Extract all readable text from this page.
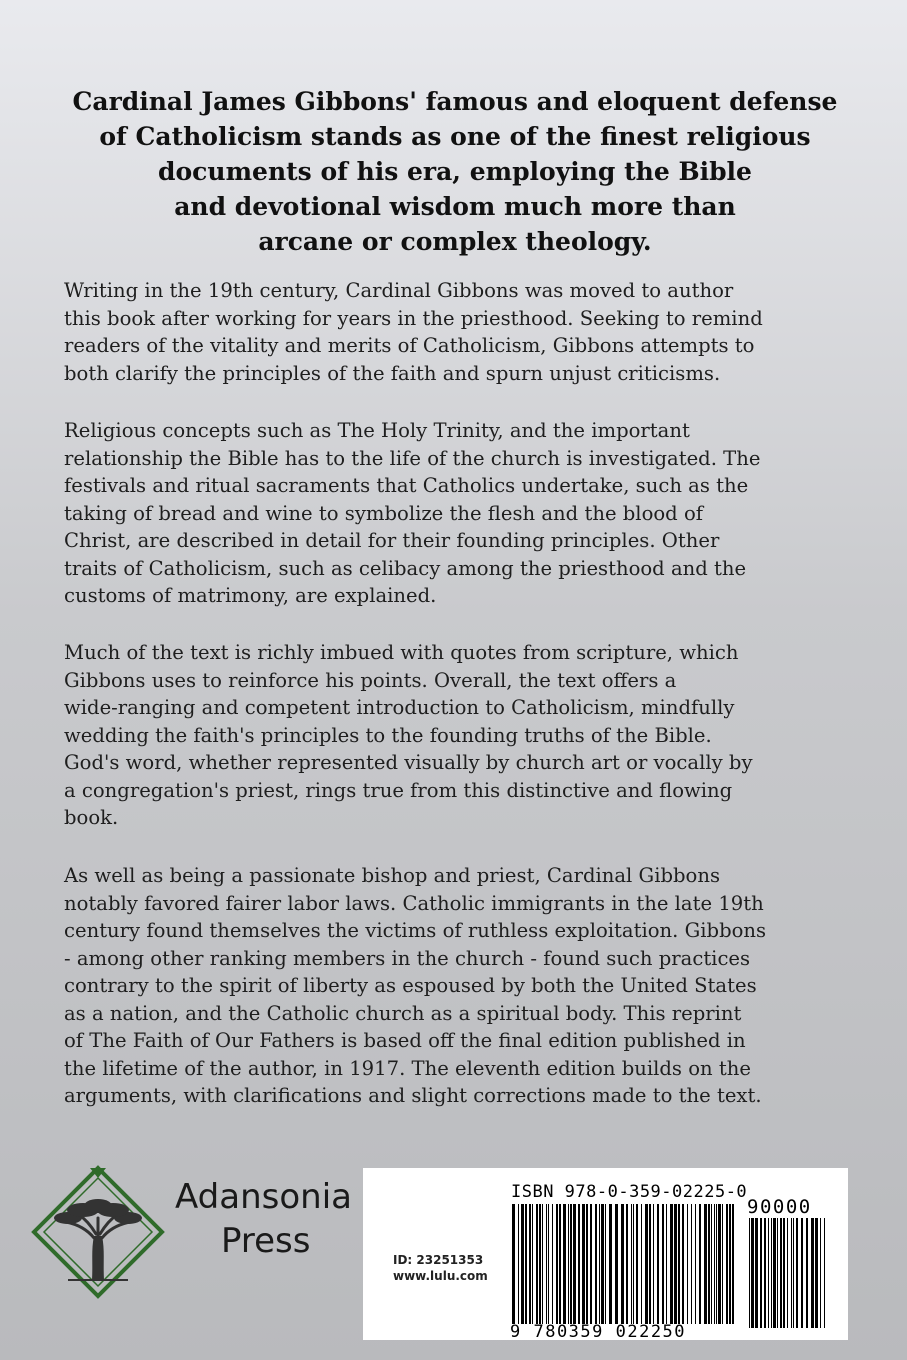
Cardinal James Gibbons' famous and eloquent defense
of Catholicism stands as one of the finest religious
documents of his era, employing the Bible
and devotional wisdom much more than
arcane or complex theology.

Writing in the 19th century, Cardinal Gibbons was moved to author
this book after working for years in the priesthood. Seeking to remind
readers of the vitality and merits of Catholicism, Gibbons attempts to
both clarify the principles of the faith and spurn unjust criticisms.

Religious concepts such as The Holy Trinity, and the important
relationship the Bible has to the life of the church is investigated. The
festivals and ritual sacraments that Catholics undertake, such as the
taking of bread and wine to symbolize the flesh and the blood of
Christ, are described in detail for their founding principles. Other
traits of Catholicism, such as celibacy among the priesthood and the
customs of matrimony, are explained.

Much of the text is richly imbued with quotes from scripture, which
Gibbons uses to reinforce his points. Overall, the text offers a
wide-ranging and competent introduction to Catholicism, mindfully
wedding the faith's principles to the founding truths of the Bible.
God's word, whether represented visually by church art or vocally by
a congregation's priest, rings true from this distinctive and flowing
book.

As well as being a passionate bishop and priest, Cardinal Gibbons
notably favored fairer labor laws. Catholic immigrants in the late 19th
century found themselves the victims of ruthless exploitation. Gibbons
- among other ranking members in the church - found such practices
contrary to the spirit of liberty as espoused by both the United States
as a nation, and the Catholic church as a spiritual body. This reprint
of The Faith of Our Fathers is based off the final edition published in
the lifetime of the author, in 1917. The eleventh edition builds on the
arguments, with clarifications and slight corrections made to the text.

Adansonia
Press	ID: 23251353
www.lulu.com
ISBN 978-0-359-02225-0
9 780359 022250
90000
